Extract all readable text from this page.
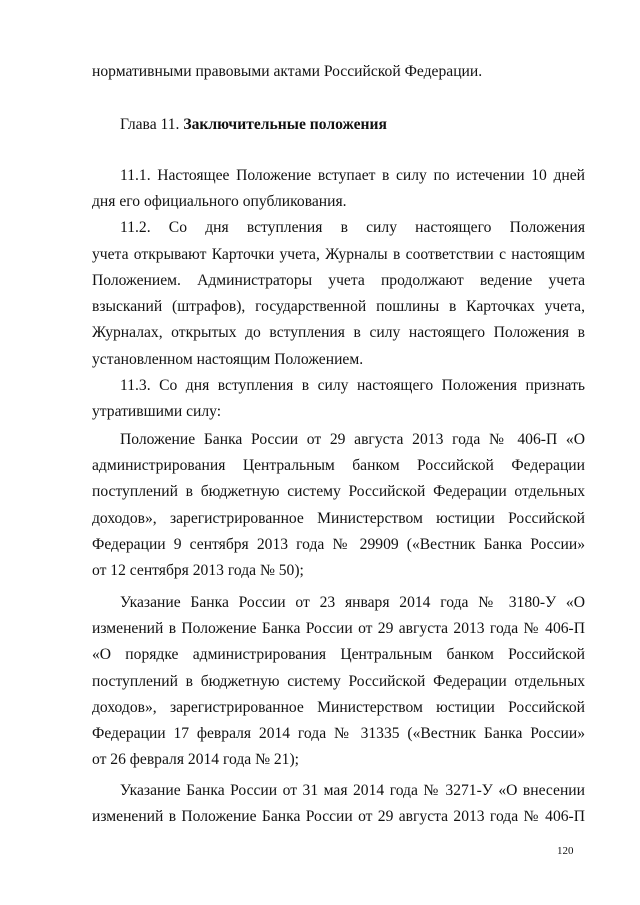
нормативными правовыми актами Российской Федерации.
Глава 11. Заключительные положения
11.1. Настоящее Положение вступает в силу по истечении 10 дней
дня его официального опубликования.
11.2. Со дня вступления в силу настоящего Положения
учета открывают Карточки учета, Журналы в соответствии с настоящим
Положением. Администраторы учета продолжают ведение учета
взысканий (штрафов), государственной пошлины в Карточках учета,
Журналах, открытых до вступления в силу настоящего Положения в
установленном настоящим Положением.
11.3. Со дня вступления в силу настоящего Положения признать
утратившими силу:
Положение Банка России от 29 августа 2013 года № 406-П «О
администрирования Центральным банком Российской Федерации
поступлений в бюджетную систему Российской Федерации отдельных
доходов», зарегистрированное Министерством юстиции Российской
Федерации 9 сентября 2013 года № 29909 («Вестник Банка России»
от 12 сентября 2013 года № 50);
Указание Банка России от 23 января 2014 года № 3180-У «О
изменений в Положение Банка России от 29 августа 2013 года № 406-П
«О порядке администрирования Центральным банком Российской
поступлений в бюджетную систему Российской Федерации отдельных
доходов», зарегистрированное Министерством юстиции Российской
Федерации 17 февраля 2014 года № 31335 («Вестник Банка России»
от 26 февраля 2014 года № 21);
Указание Банка России от 31 мая 2014 года № 3271-У «О внесении
изменений в Положение Банка России от 29 августа 2013 года № 406-П
120
